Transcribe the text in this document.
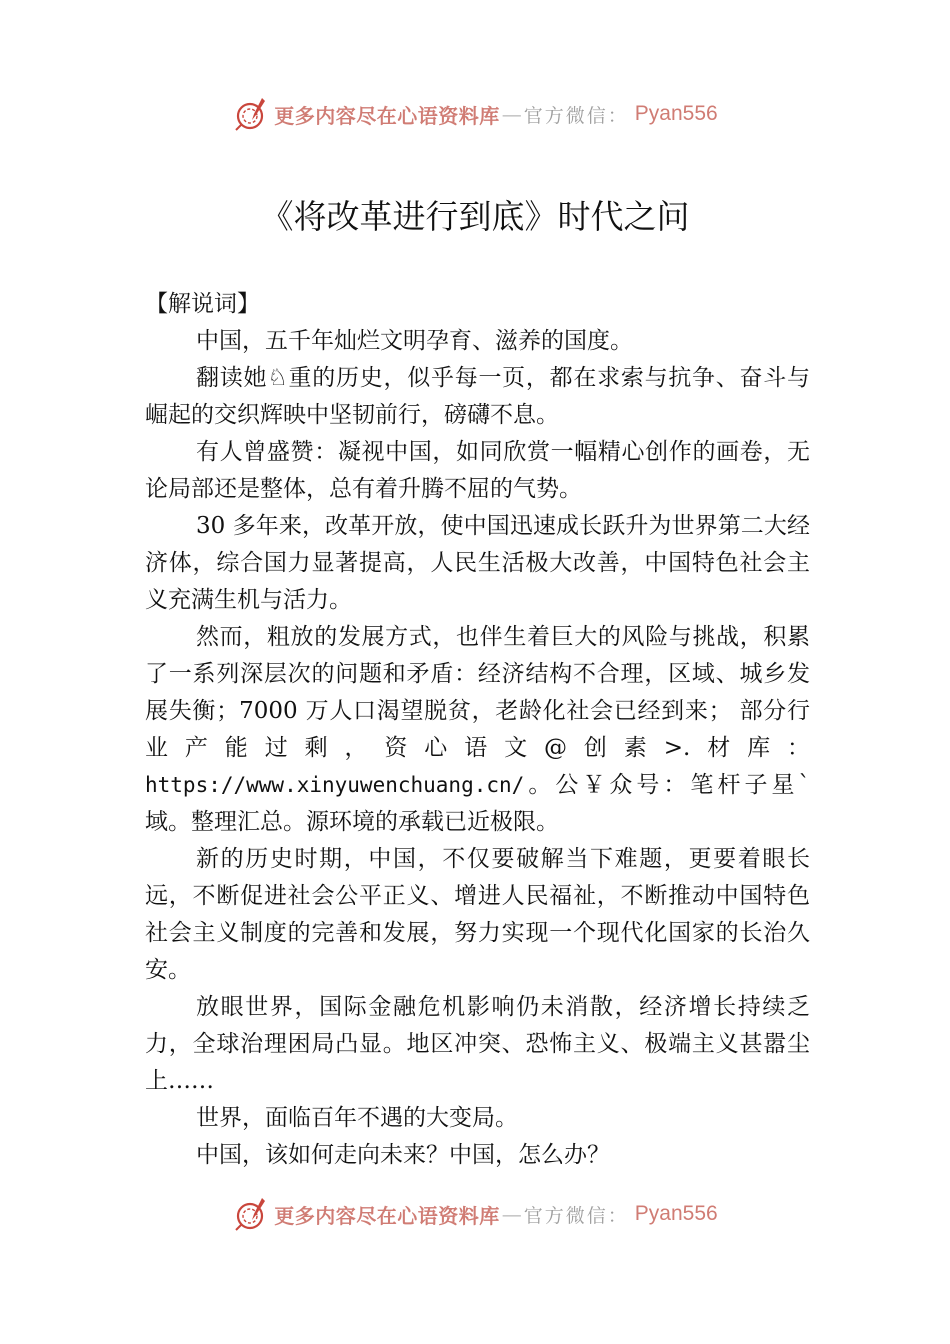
更多内容尽在心语资料库 — 官方微信： Pyan556
《将改革进行到底》时代之问

【解说词】

中国，五千年灿烂文明孕育、滋养的国度。

翻读她♘重的历史，似乎每一页，都在求索与抗争、奋斗与崛起的交织辉映中坚韧前行，磅礴不息。

有人曾盛赞：凝视中国，如同欣赏一幅精心创作的画卷，无论局部还是整体，总有着升腾不屈的气势。

30 多年来，改革开放，使中国迅速成长跃升为世界第二大经济体，综合国力显著提高，人民生活极大改善，中国特色社会主义充满生机与活力。

然而，粗放的发展方式，也伴生着巨大的风险与挑战，积累了一系列深层次的问题和矛盾：经济结构不合理，区域、城乡发展失衡；7000 万人口渴望脱贫，老龄化社会已经到来； 部分行业产能过剩，资心语文@创素>.材库：https://www.xinyuwenchuang.cn/。公￥众号：笔杆子星`域。整理汇总。源环境的承载已近极限。

新的历史时期，中国，不仅要破解当下难题，更要着眼长远，不断促进社会公平正义、增进人民福祉，不断推动中国特色社会主义制度的完善和发展，努力实现一个现代化国家的长治久安。

放眼世界，国际金融危机影响仍未消散，经济增长持续乏力，全球治理困局凸显。地区冲突、恐怖主义、极端主义甚嚣尘上……

世界，面临百年不遇的大变局。

中国，该如何走向未来？中国，怎么办？

更多内容尽在心语资料库 — 官方微信： Pyan556
